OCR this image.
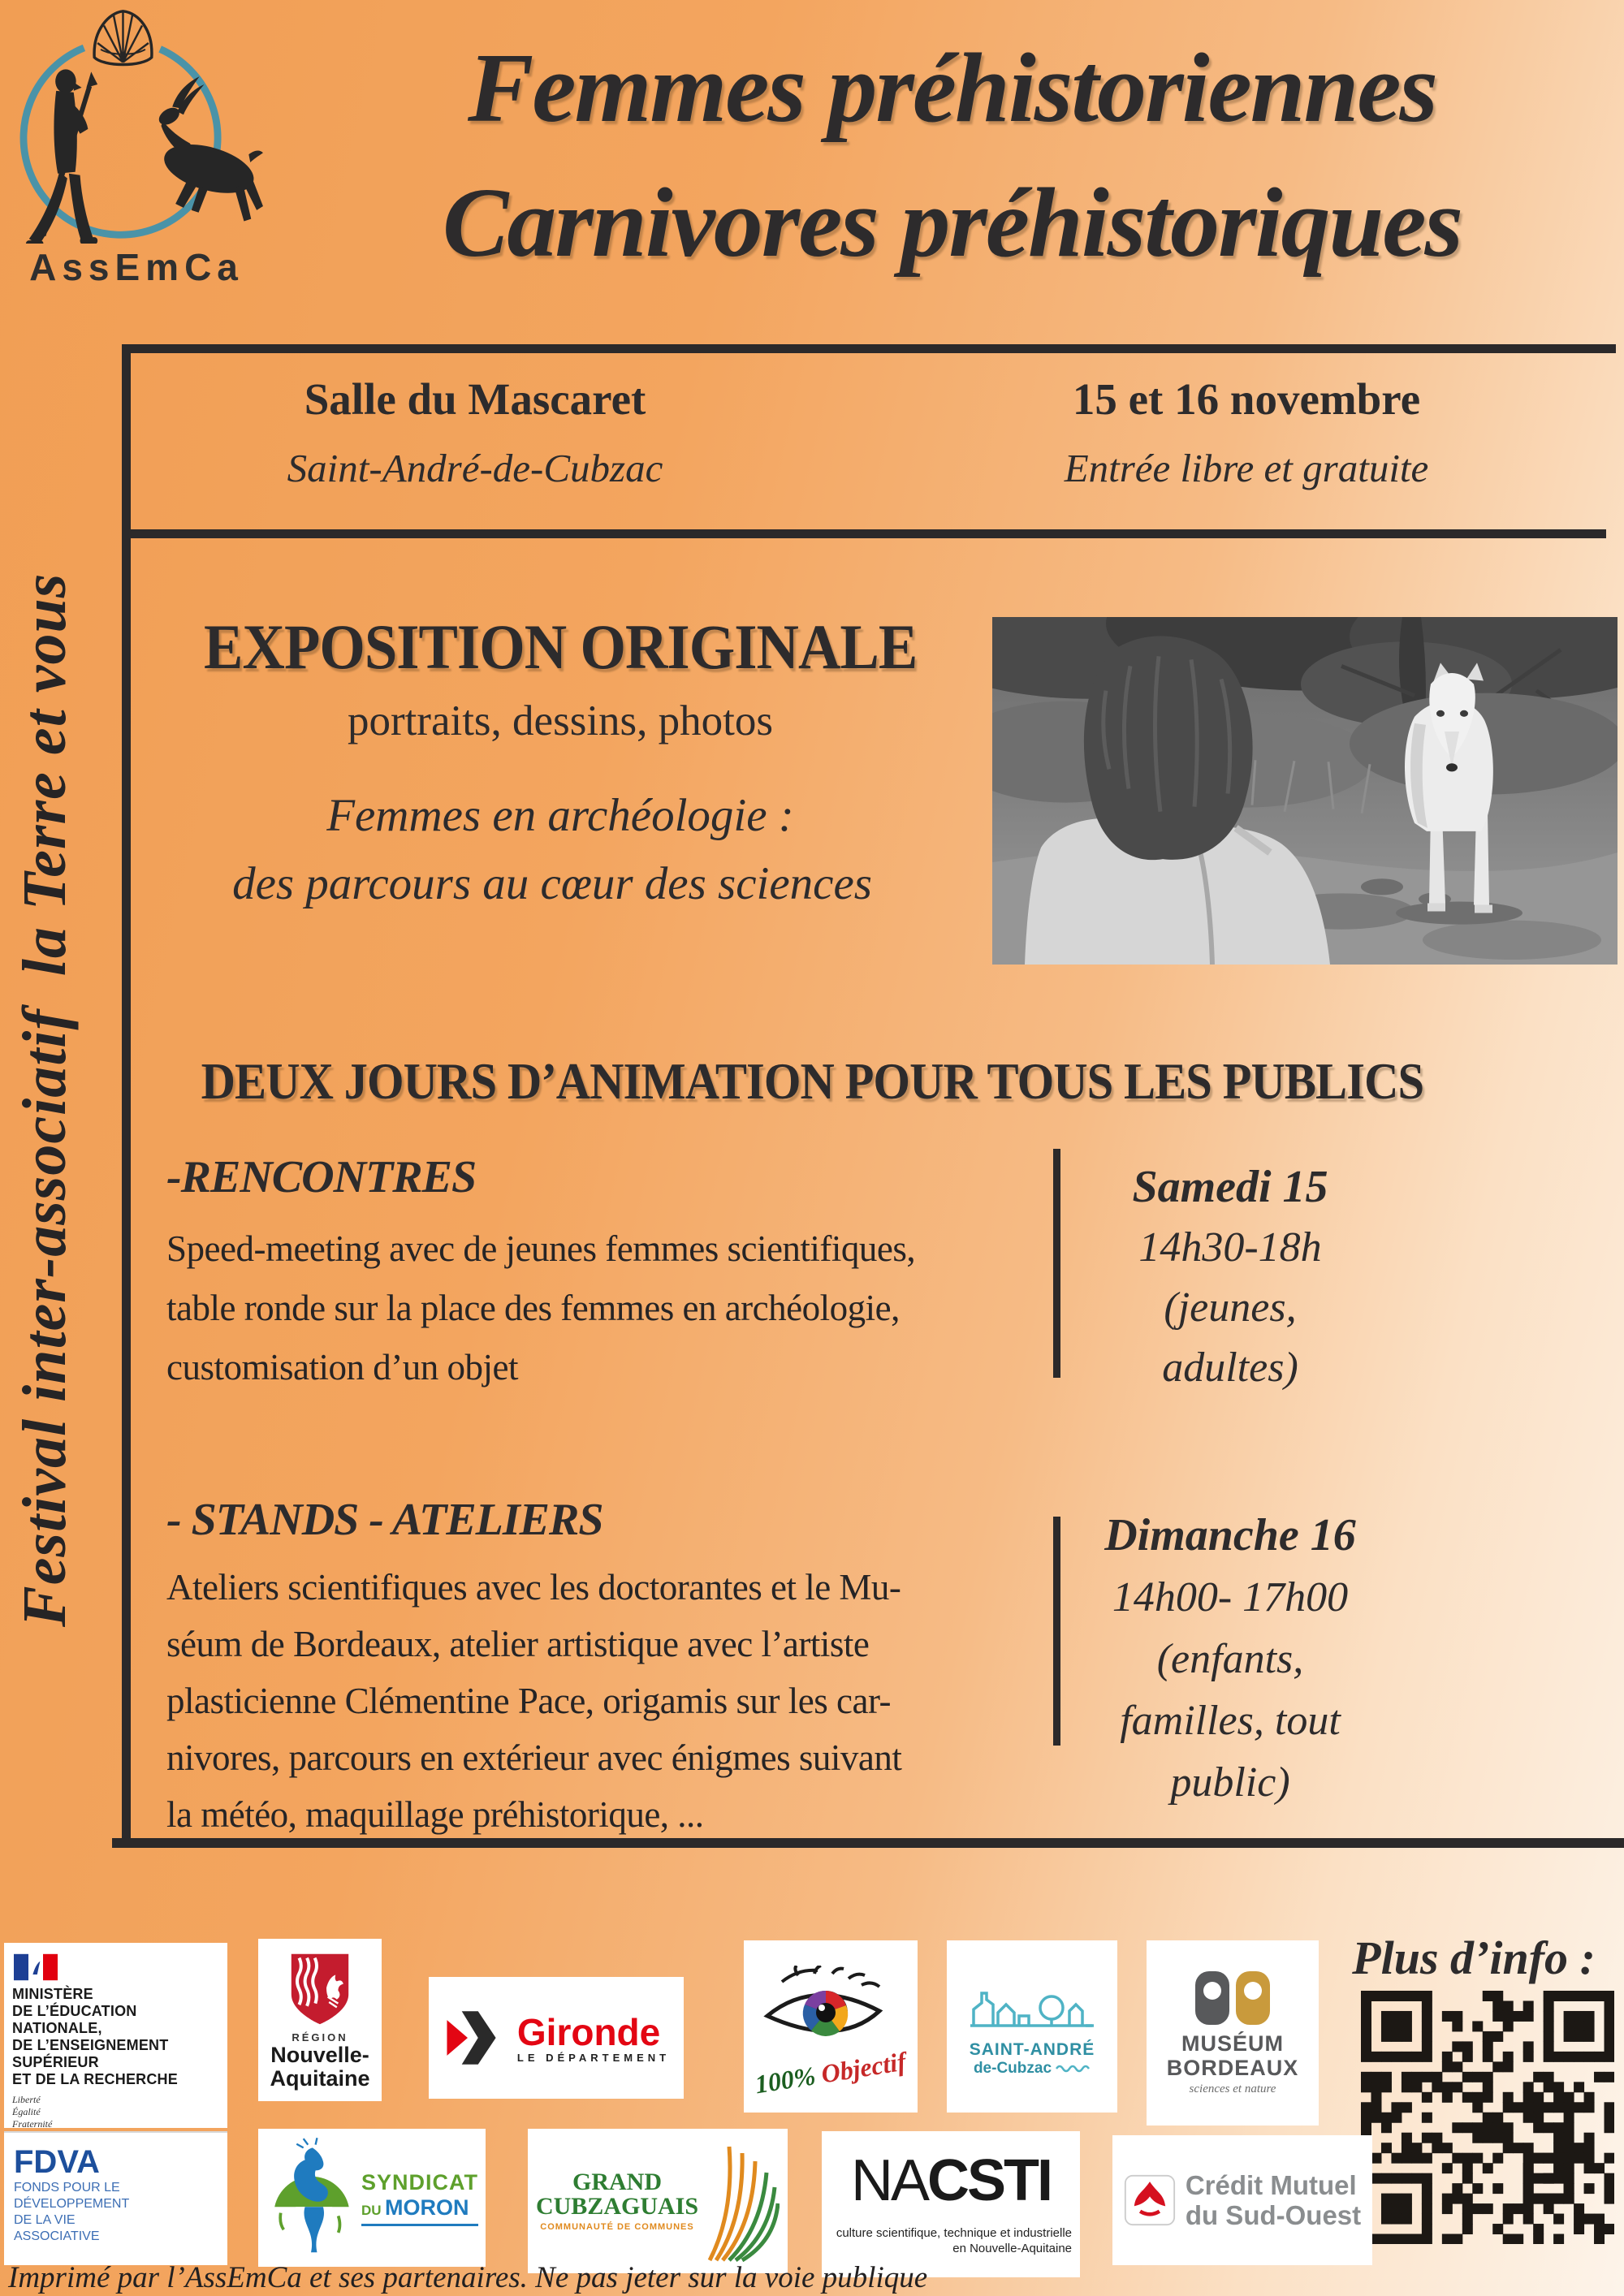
AssEmCa
Femmes préhistoriennes
Carnivores préhistoriques
Salle du Mascaret
Saint-André-de-Cubzac
15 et 16 novembre
Entrée libre et gratuite
Festival inter-associatif  la Terre et vous	EXPOSITION ORIGINALE
portraits, dessins, photos
Femmes en archéologie :
des parcours au cœur des sciences
DEUX JOURS D’ANIMATION POUR TOUS LES PUBLICS
-RENCONTRES
Speed-meeting avec de jeunes femmes scientifiques,
table ronde sur la place des femmes en archéologie,
customisation d’un objet
Samedi 15
14h30-18h
(jeunes,
adultes)
- STANDS - ATELIERS
Ateliers scientifiques avec les doctorantes et le Mu-
séum de Bordeaux, atelier artistique avec l’artiste
plasticienne Clémentine Pace, origamis sur les car-
nivores, parcours en extérieur avec énigmes suivant
la météo, maquillage préhistorique, ...
Dimanche 16
14h00- 17h00
(enfants,
familles, tout
public)
MINISTÈRE
DE L’ÉDUCATION
NATIONALE,
DE L’ENSEIGNEMENT
SUPÉRIEUR
ET DE LA RECHERCHE
Liberté
Égalité
Fraternité
RÉGION
Nouvelle-
Aquitaine
Gironde
LE DÉPARTEMENT
100% Objectif	SAINT-ANDRÉ
de-Cubzac
MUSÉUM
BORDEAUX
sciences et nature
Plus d’info :
FDVA
FONDS POUR LE
DÉVELOPPEMENT
DE LA VIE
ASSOCIATIVE
SYNDICAT
DU MORON
GRAND
CUBZAGUAIS
COMMUNAUTÉ DE COMMUNES
NACSTI
culture scientifique, technique et industrielle
en Nouvelle-Aquitaine
Crédit Mutuel
du Sud-Ouest
Imprimé par l’AssEmCa et ses partenaires. Ne pas jeter sur la voie publique
